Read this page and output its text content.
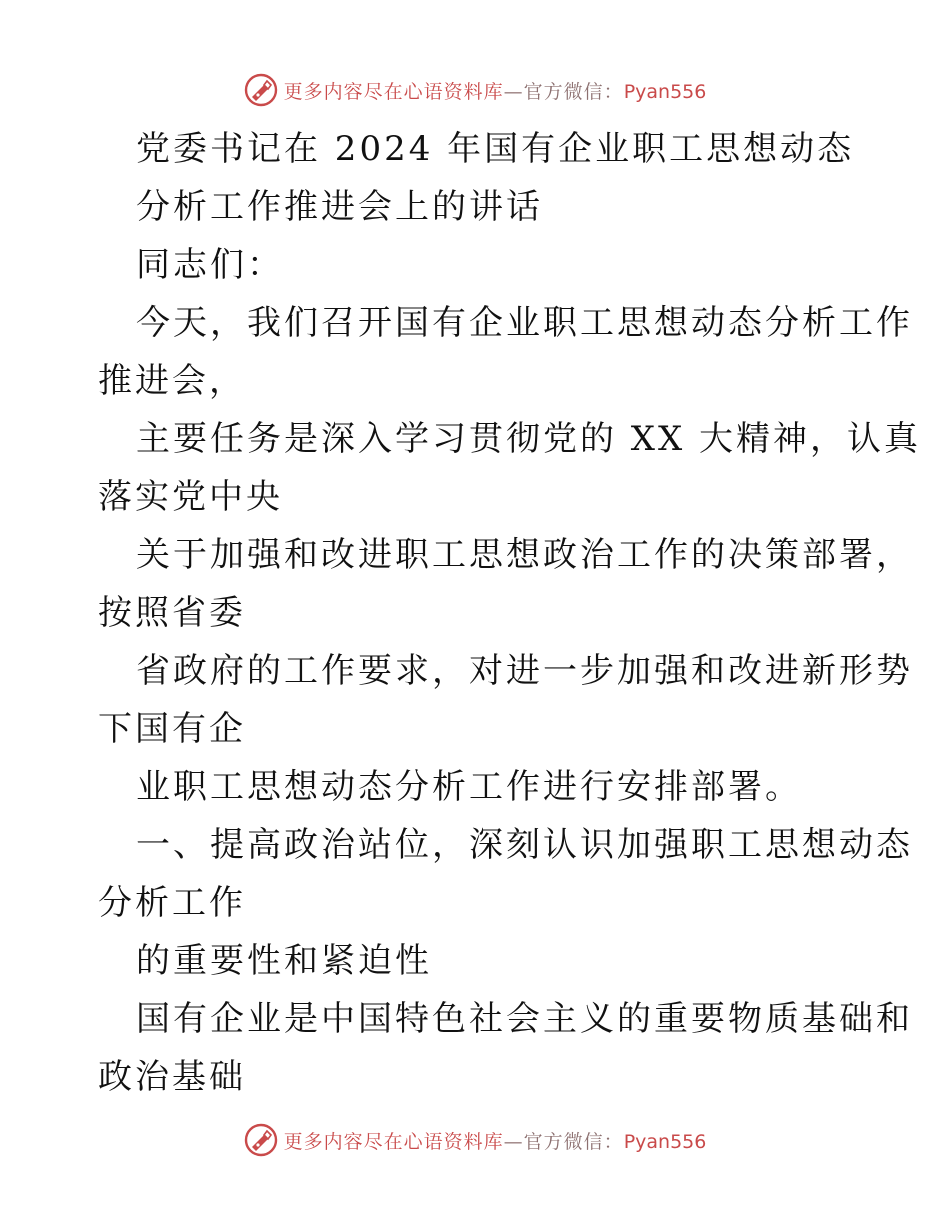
更多内容尽在心语资料库—官方微信：Pyan556
党委书记在 2024 年国有企业职工思想动态
分析工作推进会上的讲话
同志们：
今天，我们召开国有企业职工思想动态分析工作
推进会，
主要任务是深入学习贯彻党的 XX 大精神，认真
落实党中央
关于加强和改进职工思想政治工作的决策部署，
按照省委
省政府的工作要求，对进一步加强和改进新形势
下国有企
业职工思想动态分析工作进行安排部署。
一、提高政治站位，深刻认识加强职工思想动态
分析工作
的重要性和紧迫性
国有企业是中国特色社会主义的重要物质基础和
政治基础
更多内容尽在心语资料库—官方微信：Pyan556
